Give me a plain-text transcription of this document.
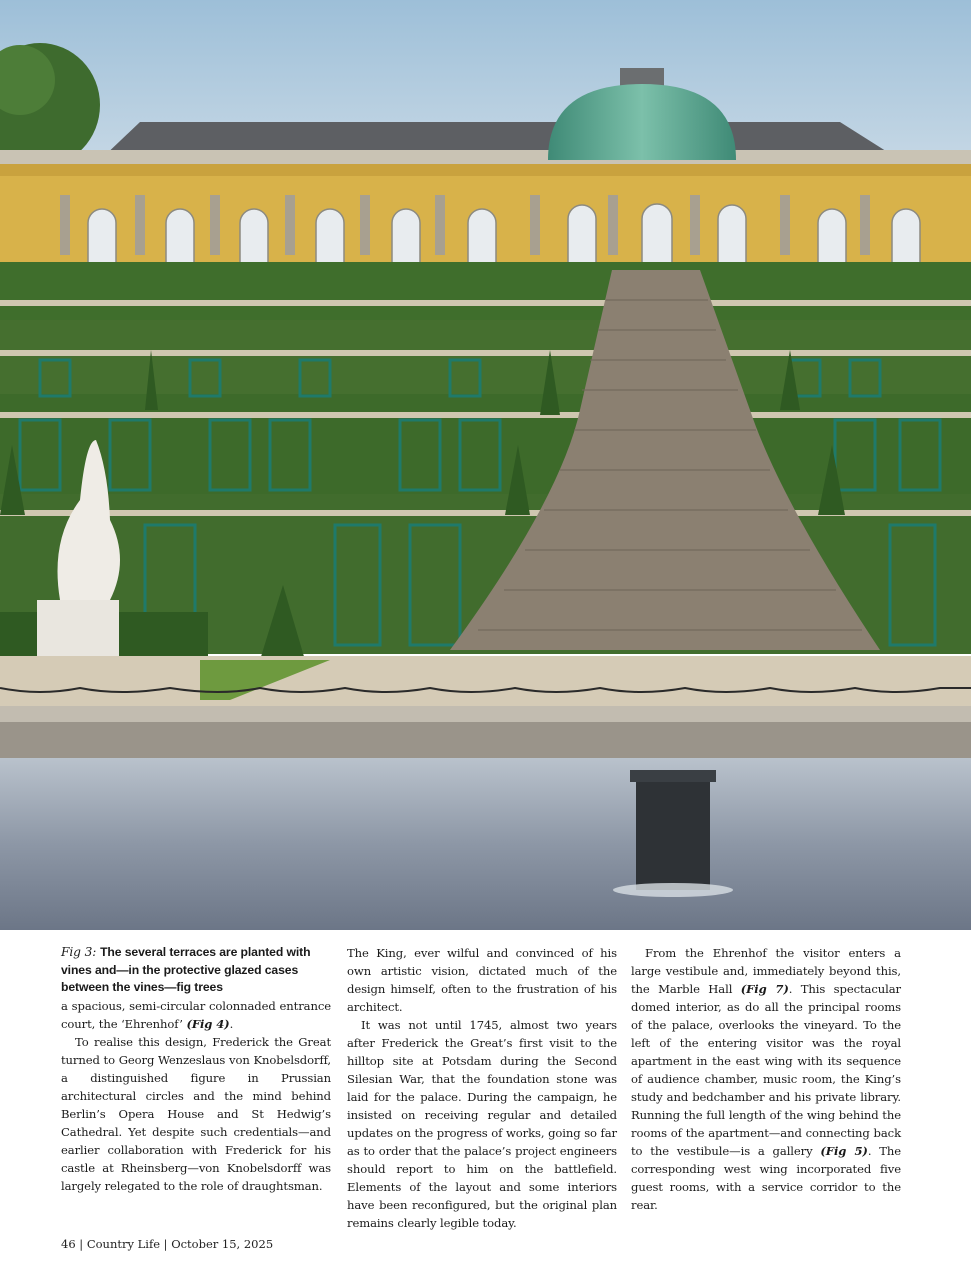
Fig 3: The several terraces are planted with vines and—in the protective glazed cases between the vines—fig trees

a spacious, semi-circular colonnaded entrance court, the ‘Ehrenhof’ (Fig 4).

To realise this design, Frederick the Great turned to Georg Wenzeslaus von Knobelsdorff, a distinguished figure in Prussian architectural circles and the mind behind Berlin’s Opera House and St Hedwig’s Cathedral. Yet despite such credentials—and earlier collaboration with Frederick for his castle at Rheinsberg—von Knobelsdorff was largely relegated to the role of draughtsman.

The King, ever wilful and convinced of his own artistic vision, dictated much of the design himself, often to the frustration of his architect.

It was not until 1745, almost two years after Frederick the Great’s first visit to the hilltop site at Potsdam during the Second Silesian War, that the foundation stone was laid for the palace. During the campaign, he insisted on receiving regular and detailed updates on the progress of works, going so far as to order that the palace’s project engineers should report to him on the battlefield. Elements of the layout and some interiors have been reconfigured, but the original plan remains clearly legible today.

From the Ehrenhof the visitor enters a large vestibule and, immediately beyond this, the Marble Hall (Fig 7). This spectacular domed interior, as do all the principal rooms of the palace, overlooks the vineyard. To the left of the entering visitor was the royal apartment in the east wing with its sequence of audience chamber, music room, the King’s study and bedchamber and his private library. Running the full length of the wing behind the rooms of the apartment—and connecting back to the vestibule—is a gallery (Fig 5). The corresponding west wing incorporated five guest rooms, with a service corridor to the rear.

46 | Country Life | October 15, 2025
